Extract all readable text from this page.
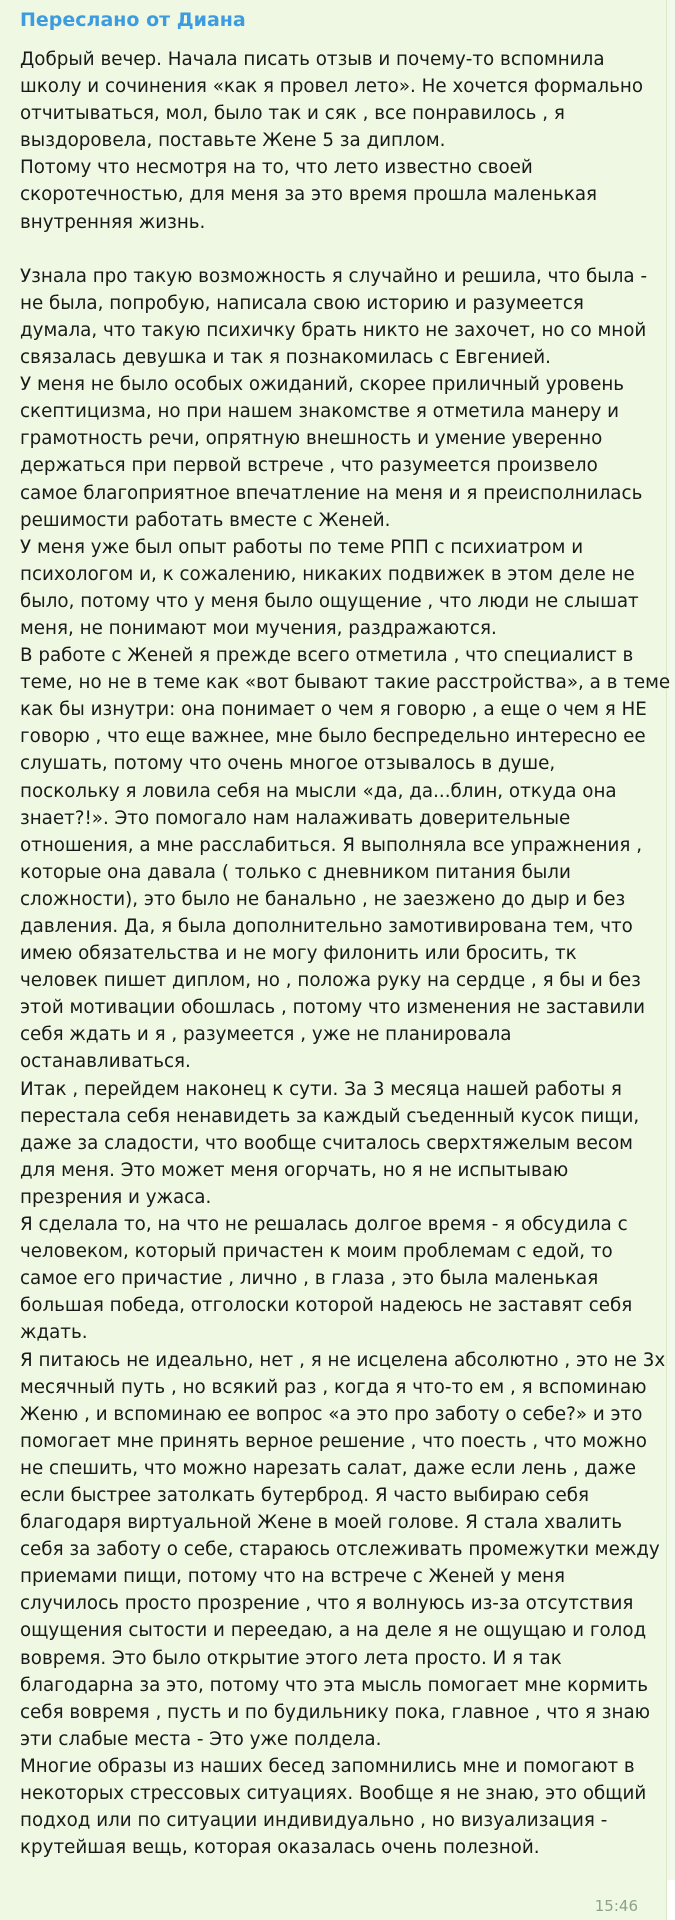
Переслано от Диана
Добрый вечер. Начала писать отзыв и почему-то вспомнила
школу и сочинения «как я провел лето». Не хочется формально
отчитываться, мол, было так и сяк , все понравилось , я
выздоровела, поставьте Жене 5 за диплом.
Потому что несмотря на то, что лето известно своей
скоротечностью, для меня за это время прошла маленькая
внутренняя жизнь.
Узнала про такую возможность я случайно и решила, что была -
не была, попробую, написала свою историю и разумеется
думала, что такую психичку брать никто не захочет, но со мной
связалась девушка и так я познакомилась с Евгенией.
У меня не было особых ожиданий, скорее приличный уровень
скептицизма, но при нашем знакомстве я отметила манеру и
грамотность речи, опрятную внешность и умение уверенно
держаться при первой встрече , что разумеется произвело
самое благоприятное впечатление на меня и я преисполнилась
решимости работать вместе с Женей.
У меня уже был опыт работы по теме РПП с психиатром и
психологом и, к сожалению, никаких подвижек в этом деле не
было, потому что у меня было ощущение , что люди не слышат
меня, не понимают мои мучения, раздражаются.
В работе с Женей я прежде всего отметила , что специалист в
теме, но не в теме как «вот бывают такие расстройства», а в теме
как бы изнутри: она понимает о чем я говорю , а еще о чем я НЕ
говорю , что еще важнее, мне было беспредельно интересно ее
слушать, потому что очень многое отзывалось в душе,
поскольку я ловила себя на мысли «да, да...блин, откуда она
знает?!». Это помогало нам налаживать доверительные
отношения, а мне расслабиться. Я выполняла все упражнения ,
которые она давала ( только с дневником питания были
сложности), это было не банально , не заезжено до дыр и без
давления. Да, я была дополнительно замотивирована тем, что
имею обязательства и не могу филонить или бросить, тк
человек пишет диплом, но , положа руку на сердце , я бы и без
этой мотивации обошлась , потому что изменения не заставили
себя ждать и я , разумеется , уже не планировала
останавливаться.
Итак , перейдем наконец к сути. За 3 месяца нашей работы я
перестала себя ненавидеть за каждый съеденный кусок пищи,
даже за сладости, что вообще считалось сверхтяжелым весом
для меня. Это может меня огорчать, но я не испытываю
презрения и ужаса.
Я сделала то, на что не решалась долгое время - я обсудила с
человеком, который причастен к моим проблемам с едой, то
самое его причастие , лично , в глаза , это была маленькая
большая победа, отголоски которой надеюсь не заставят себя
ждать.
Я питаюсь не идеально, нет , я не исцелена абсолютно , это не 3х
месячный путь , но всякий раз , когда я что-то ем , я вспоминаю
Женю , и вспоминаю ее вопрос «а это про заботу о себе?» и это
помогает мне принять верное решение , что поесть , что можно
не спешить, что можно нарезать салат, даже если лень , даже
если быстрее затолкать бутерброд. Я часто выбираю себя
благодаря виртуальной Жене в моей голове. Я стала хвалить
себя за заботу о себе, стараюсь отслеживать промежутки между
приемами пищи, потому что на встрече с Женей у меня
случилось просто прозрение , что я волнуюсь из-за отсутствия
ощущения сытости и переедаю, а на деле я не ощущаю и голод
вовремя. Это было открытие этого лета просто. И я так
благодарна за это, потому что эта мысль помогает мне кормить
себя вовремя , пусть и по будильнику пока, главное , что я знаю
эти слабые места - Это уже полдела.
Многие образы из наших бесед запомнились мне и помогают в
некоторых стрессовых ситуациях. Вообще я не знаю, это общий
подход или по ситуации индивидуально , но визуализация -
крутейшая вещь, которая оказалась очень полезной.
15:46
